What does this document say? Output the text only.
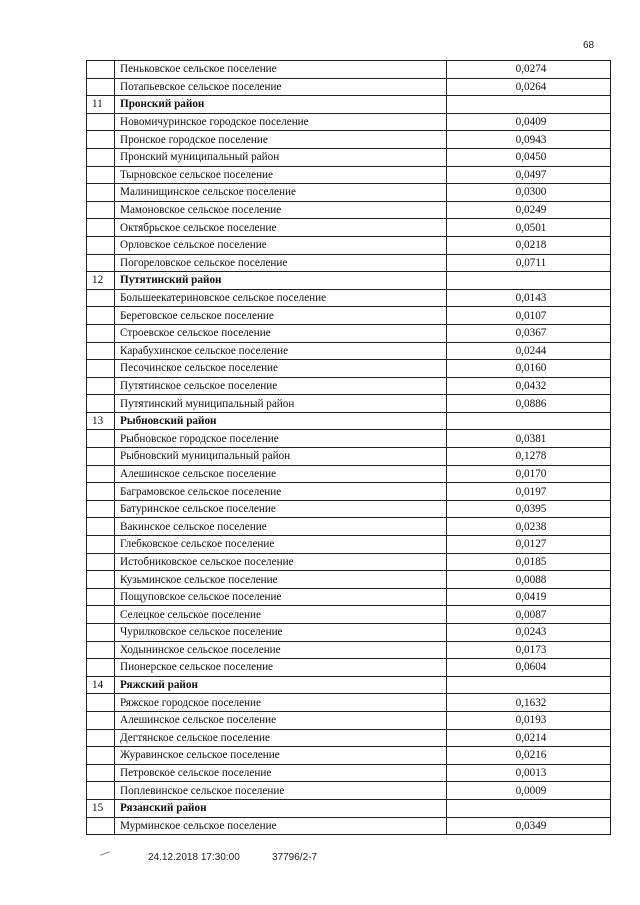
68
	Пеньковское сельское поселение	0,0274
	Потапьевское сельское поселение	0,0264
11	Пронский район	
	Новомичуринское городское поселение	0,0409
	Пронское городское поселение	0,0943
	Пронский муниципальный район	0,0450
	Тырновское сельское поселение	0,0497
	Малинищинское сельское поселение	0,0300
	Мамоновское сельское поселение	0,0249
	Октябрьское сельское поселение	0,0501
	Орловское сельское поселение	0,0218
	Погореловское сельское поселение	0,0711
12	Путятинский район	
	Большеекатериновское сельское поселение	0,0143
	Береговское сельское поселение	0,0107
	Строевское сельское поселение	0,0367
	Карабухинское сельское поселение	0,0244
	Песочинское сельское поселение	0,0160
	Путятинское сельское поселение	0,0432
	Путятинский муниципальный район	0,0886
13	Рыбновский район	
	Рыбновское городское поселение	0,0381
	Рыбновский муниципальный район	0,1278
	Алешинское сельское поселение	0,0170
	Баграмовское сельское поселение	0,0197
	Батуринское сельское поселение	0,0395
	Вакинское сельское поселение	0,0238
	Глебковское сельское поселение	0,0127
	Истобниковское сельское поселение	0,0185
	Кузьминское сельское поселение	0,0088
	Пощуповское сельское поселение	0,0419
	Селецкое сельское поселение	0,0087
	Чурилковское сельское поселение	0,0243
	Ходынинское сельское поселение	0,0173
	Пионерское сельское поселение	0,0604
14	Ряжский район	
	Ряжское городское поселение	0,1632
	Алешинское сельское поселение	0,0193
	Дегтянское сельское поселение	0,0214
	Журавинское сельское поселение	0,0216
	Петровское сельское поселение	0,0013
	Поплевинское сельское поселение	0,0009
15	Рязанский район	
	Мурминское сельское поселение	0,0349
24.12.2018 17:30:00	37796/2-7
